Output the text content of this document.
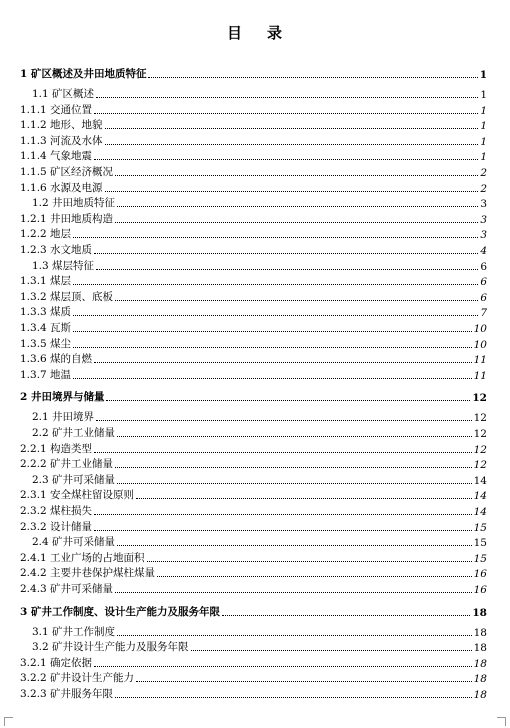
目 录
1 矿区概述及井田地质特征	1
1.1 矿区概述	1
1.1.1 交通位置	1
1.1.2 地形、地貌	1
1.1.3 河流及水体	1
1.1.4 气象地震	1
1.1.5 矿区经济概况	2
1.1.6 水源及电源	2
1.2 井田地质特征	3
1.2.1 井田地质构造	3
1.2.2 地层	3
1.2.3 水文地质	4
1.3 煤层特征	6
1.3.1 煤层	6
1.3.2 煤层顶、底板	6
1.3.3 煤质	7
1.3.4 瓦斯	10
1.3.5 煤尘	10
1.3.6 煤的自燃	11
1.3.7 地温	11
2 井田境界与储量	12
2.1 井田境界	12
2.2 矿井工业储量	12
2.2.1 构造类型	12
2.2.2 矿井工业储量	12
2.3 矿井可采储量	14
2.3.1 安全煤柱留设原则	14
2.3.2 煤柱损失	14
2.3.2 设计储量	15
2.4 矿井可采储量	15
2.4.1 工业广场的占地面积	15
2.4.2 主要井巷保护煤柱煤量	16
2.4.3 矿井可采储量	16
3 矿井工作制度、设计生产能力及服务年限	18
3.1 矿井工作制度	18
3.2 矿井设计生产能力及服务年限	18
3.2.1 确定依据	18
3.2.2 矿井设计生产能力	18
3.2.3 矿井服务年限	18
